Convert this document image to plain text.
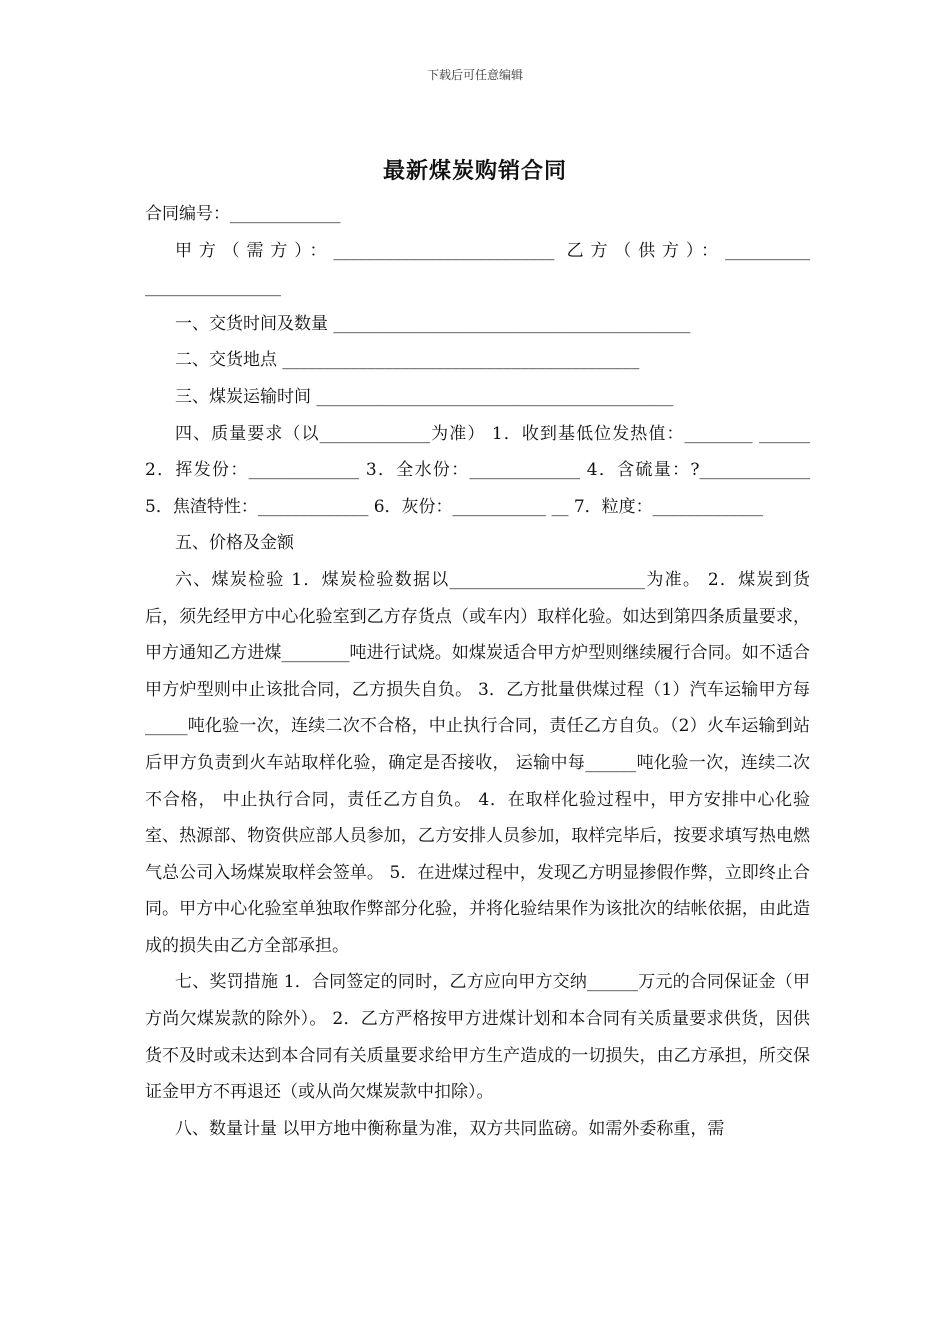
下载后可任意编辑
最新煤炭购销合同

合同编号：_____________

甲方（需方）：__________________________ 乙方（供方）：__________ ________________

一、交货时间及数量 __________________________________________

二、交货地点 __________________________________________

三、煤炭运输时间 __________________________________________

四、质量要求（以_____________为准） 1．收到基低位发热值：________ ______ 2．挥发份：_____________ 3．全水份：_____________ 4．含硫量：?_____________ 5．焦渣特性：_____________ 6．灰份：___________ __ 7．粒度：_____________

五、价格及金额

六、煤炭检验 1．煤炭检验数据以_______________________为准。 2．煤炭到货后，须先经甲方中心化验室到乙方存货点（或车内）取样化验。如达到第四条质量要求，甲方通知乙方进煤________吨进行试烧。如煤炭适合甲方炉型则继续履行合同。如不适合甲方炉型则中止该批合同，乙方损失自负。 3．乙方批量供煤过程（1）汽车运输甲方每_____吨化验一次，连续二次不合格，中止执行合同，责任乙方自负。（2）火车运输到站后甲方负责到火车站取样化验，确定是否接收， 运输中每______吨化验一次，连续二次不合格， 中止执行合同，责任乙方自负。 4．在取样化验过程中，甲方安排中心化验室、热源部、物资供应部人员参加，乙方安排人员参加，取样完毕后，按要求填写热电燃气总公司入场煤炭取样会签单。 5．在进煤过程中，发现乙方明显掺假作弊，立即终止合同。甲方中心化验室单独取作弊部分化验，并将化验结果作为该批次的结帐依据，由此造成的损失由乙方全部承担。

七、奖罚措施 1．合同签定的同时，乙方应向甲方交纳______万元的合同保证金（甲方尚欠煤炭款的除外）。 2．乙方严格按甲方进煤计划和本合同有关质量要求供货，因供货不及时或未达到本合同有关质量要求给甲方生产造成的一切损失，由乙方承担，所交保证金甲方不再退还（或从尚欠煤炭款中扣除）。

八、数量计量 以甲方地中衡称量为准，双方共同监磅。如需外委称重，需
